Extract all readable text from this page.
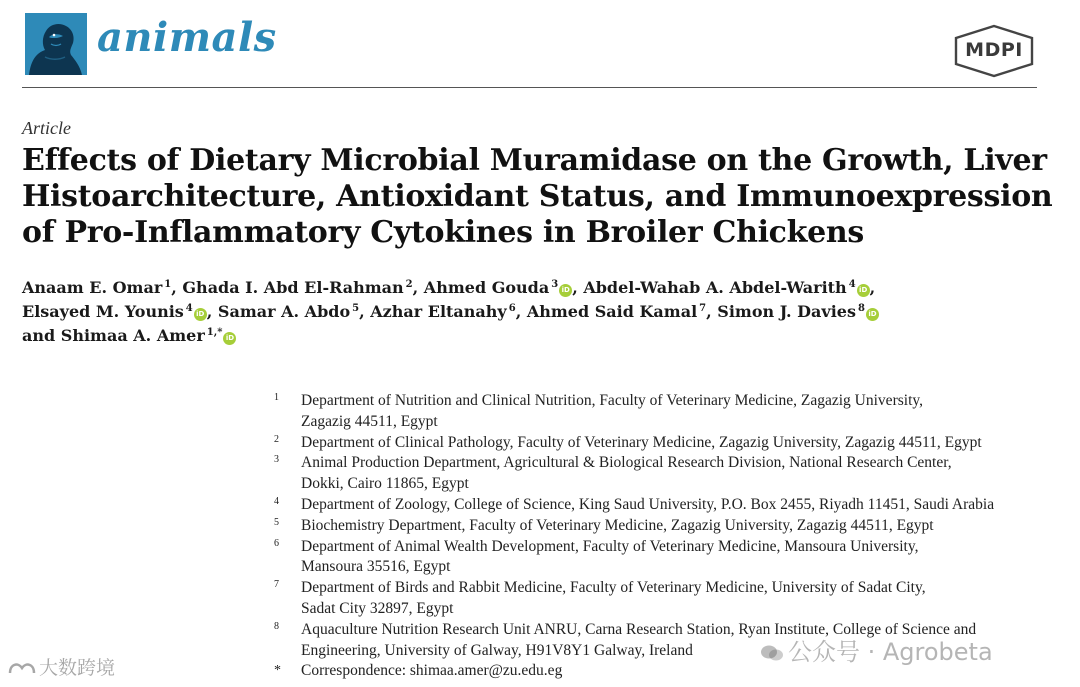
animals	MDPI
Article
Effects of Dietary Microbial Muramidase on the Growth, Liver
Histoarchitecture, Antioxidant Status, and Immunoexpression
of Pro-Inflammatory Cytokines in Broiler Chickens
Anaam E. Omar $^1$, Ghada I. Abd El-Rahman $^2$, Ahmed Gouda $^3$ iD , Abdel-Wahab A. Abdel-Warith $^4$ iD ,
Elsayed M. Younis $^4$ iD , Samar A. Abdo $^5$, Azhar Eltanahy $^6$, Ahmed Said Kamal $^7$, Simon J. Davies $^8$ iD
and Shimaa A. Amer $^{1,*}$ iD
1 Department of Nutrition and Clinical Nutrition, Faculty of Veterinary Medicine, Zagazig University,
Zagazig 44511, Egypt
2 Department of Clinical Pathology, Faculty of Veterinary Medicine, Zagazig University, Zagazig 44511, Egypt
3 Animal Production Department, Agricultural & Biological Research Division, National Research Center,
Dokki, Cairo 11865, Egypt
4 Department of Zoology, College of Science, King Saud University, P.O. Box 2455, Riyadh 11451, Saudi Arabia
5 Biochemistry Department, Faculty of Veterinary Medicine, Zagazig University, Zagazig 44511, Egypt
6 Department of Animal Wealth Development, Faculty of Veterinary Medicine, Mansoura University,
Mansoura 35516, Egypt
7 Department of Birds and Rabbit Medicine, Faculty of Veterinary Medicine, University of Sadat City,
Sadat City 32897, Egypt
8 Aquaculture Nutrition Research Unit ANRU, Carna Research Station, Ryan Institute, College of Science and
Engineering, University of Galway, H91V8Y1 Galway, Ireland
* Correspondence: shimaa.amer@zu.edu.eg
大数跨境
公众号 · Agrobeta
